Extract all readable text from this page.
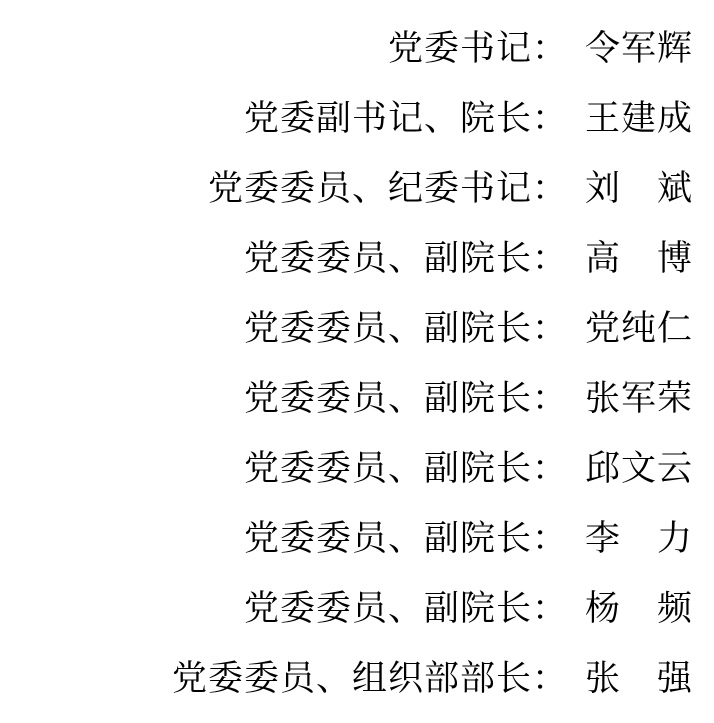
党委书记 ： 令军辉
党委副书记、院长 ： 王建成
党委委员、纪委书记 ： 刘　斌
党委委员、副院长 ： 高　博
党委委员、副院长 ： 党纯仁
党委委员、副院长 ： 张军荣
党委委员、副院长 ： 邱文云
党委委员、副院长 ： 李　力
党委委员、副院长 ： 杨　频
党委委员、组织部部长 ： 张　强
